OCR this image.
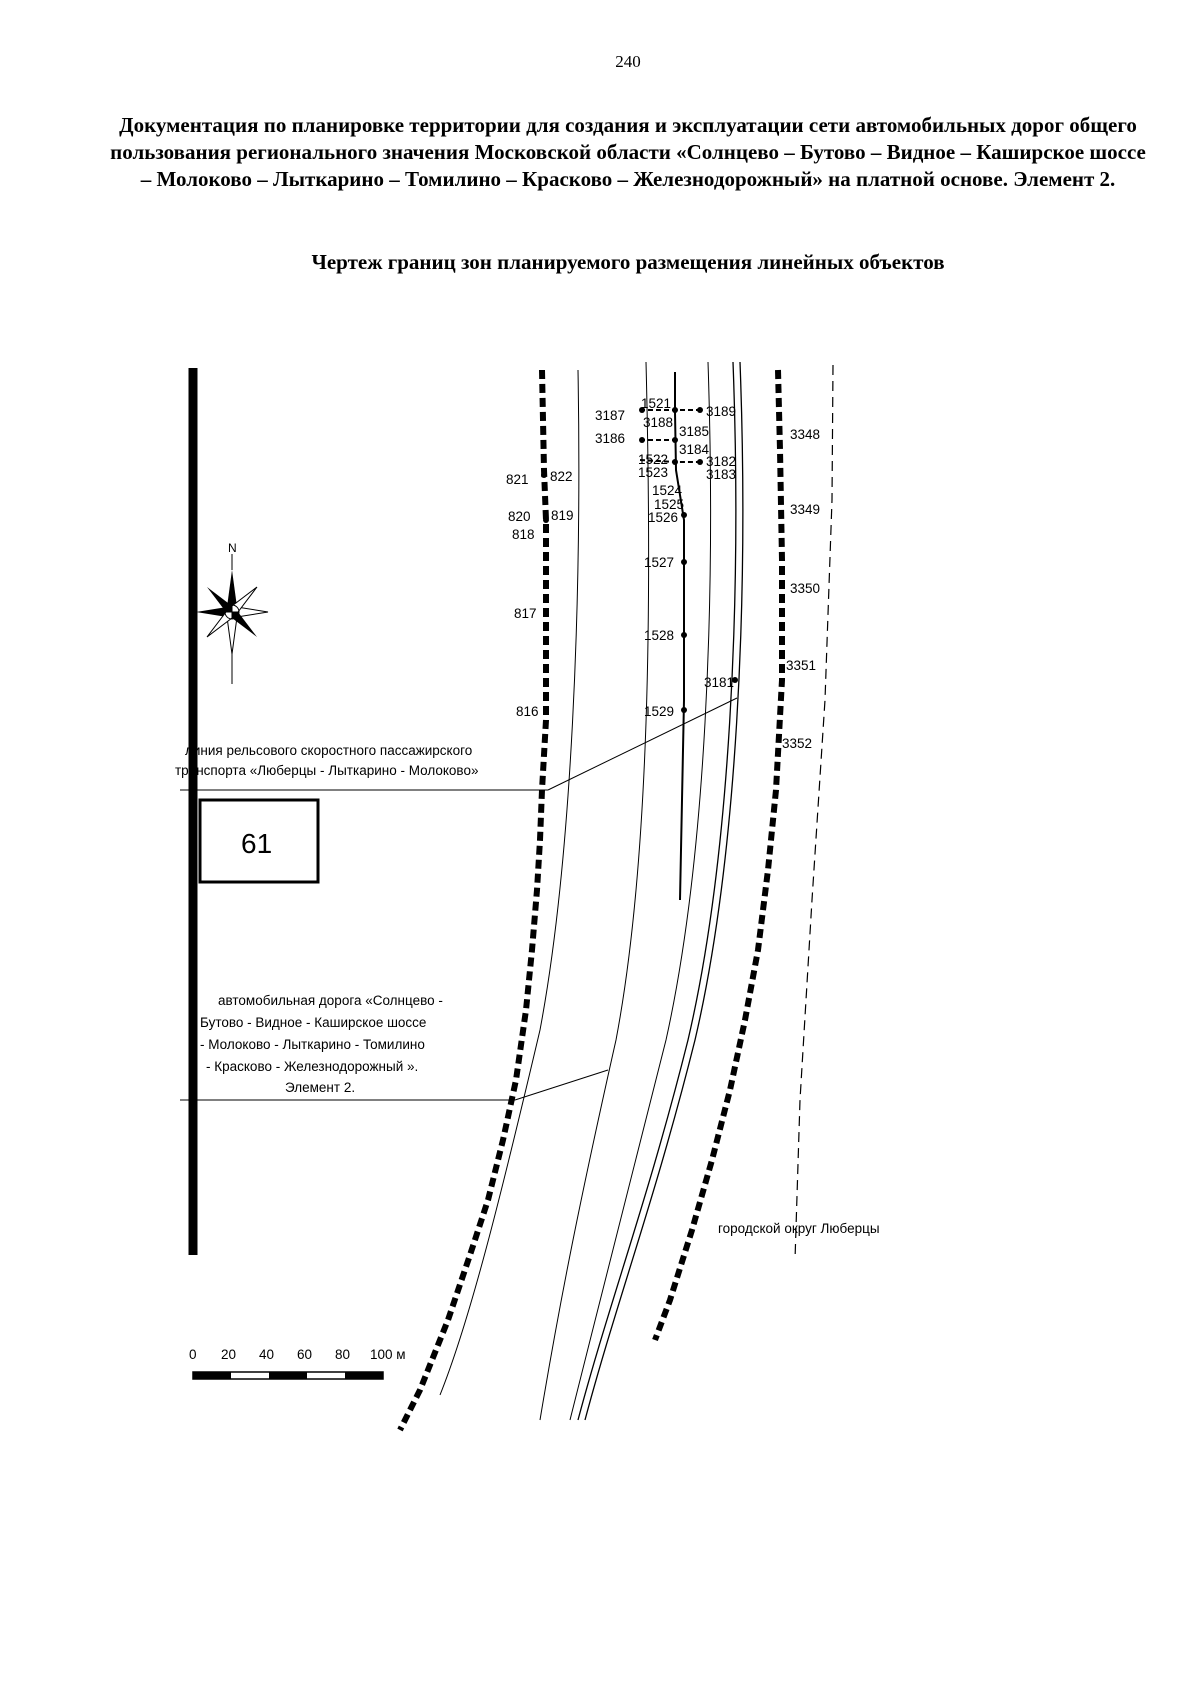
240
Документация по планировке территории для создания и эксплуатации сети автомобильных дорог общего пользования регионального значения Московской области «Солнцево – Бутово – Видное – Каширское шоссе – Молоково – Лыткарино – Томилино – Красково – Железнодорожный» на платной основе. Элемент 2.
Чертеж границ зон планируемого размещения линейных объектов
N
линия рельсового скоростного пассажирского
транспорта «Люберцы - Лыткарино - Молоково»
61
автомобильная дорога «Солнцево -
Бутово - Видное - Каширское шоссе
- Молоково - Лыткарино - Томилино
- Красково - Железнодорожный ».
Элемент 2.
городской округ Люберцы
0 20 40 60 80 100 м
3187
1521
3188
3189
3186	3185
3184
3348
821 822
1522
1523
3182
3183
1524
1525
820 819
818
1526
3349
1527
3350
817
1528
3351
3181
816	1529
3352
